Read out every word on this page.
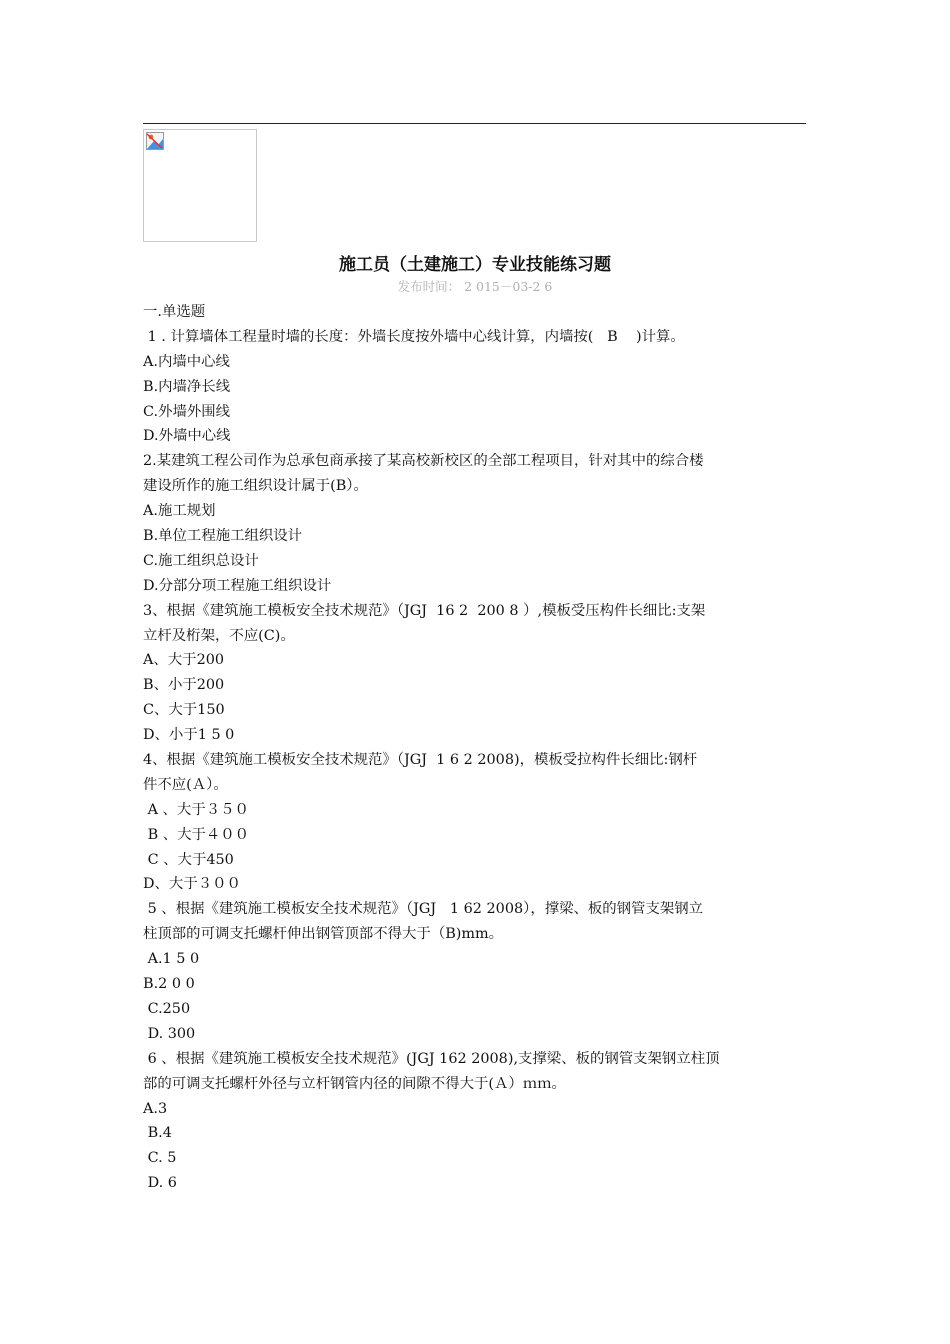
施工员（土建施工）专业技能练习题
发布时间： 2 015－03-2 6
一.单选题
1 . 计算墙体工程量时墙的长度：外墙长度按外墙中心线计算，内墙按(   B    )计算。
A.内墙中心线
B.内墙净长线
C.外墙外围线
D.外墙中心线
2.某建筑工程公司作为总承包商承接了某高校新校区的全部工程项目，针对其中的综合楼
建设所作的施工组织设计属于(B）。
A.施工规划
B.单位工程施工组织设计
C.施工组织总设计
D.分部分项工程施工组织设计
3、根据《建筑施工模板安全技术规范》（JGJ  16 2  200 8 ）,模板受压构件长细比:支架
立杆及桁架，不应(C)。
A、大于200
B、小于200
C、大于150
D、小于1 5 0
4、根据《建筑施工模板安全技术规范》（JGJ  1 6 2 2008)，模板受拉构件长细比:钢杆
件不应(Ａ）。
A 、大于３５０
B 、大于４００
C 、大于450
D、大于３００
5 、根据《建筑施工模板安全技术规范》（JGJ   1 62 2008），撑梁、板的钢管支架钢立
柱顶部的可调支托螺杆伸出钢管顶部不得大于（B)mm。
A.1 5 0
B.2 0 0
C.250
D. 300
6 、根据《建筑施工模板安全技术规范》(JGJ 162 2008),支撑梁、板的钢管支架钢立柱顶
部的可调支托螺杆外径与立杆钢管内径的间隙不得大于(Ａ）ｍｍ。
A.3
B.4
C. 5
D. 6
